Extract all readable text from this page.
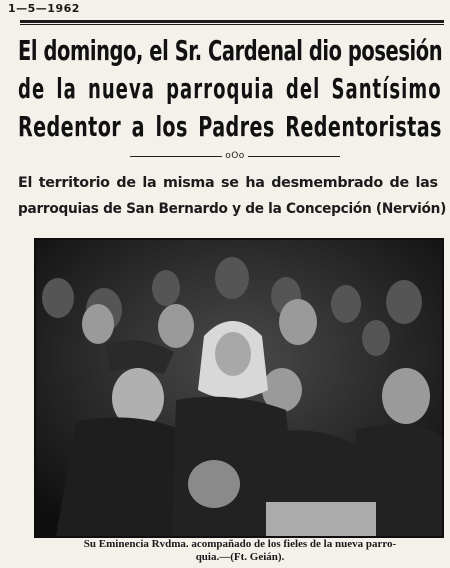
1—5—1962
El domingo, el Sr. Cardenal dio posesión
de la nueva parroquia del Santísimo
Redentor a los Padres Redentoristas
oOo
El territorio de la misma se ha desmembrado de las
parroquias de San Bernardo y de la Concepción (Nervión)
Su Eminencia Rvdma. acompañado de los fieles de la nueva parro-
quia.—(Ft. Geián).
